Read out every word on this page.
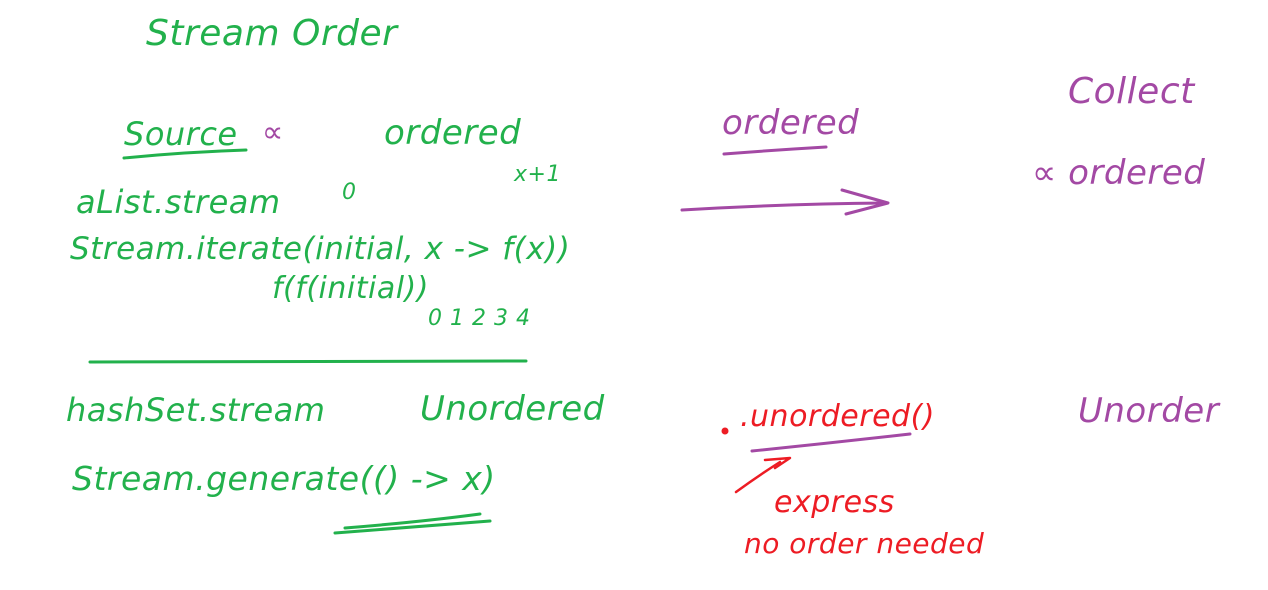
Stream Order
Source ∝	ordered	ordered
Collect
∝ ordered
aList.stream	0
x+1
Stream.iterate(initial, x -> f(x))
f(f(initial))
0 1 2 3 4
hashSet.stream	Unordered
Stream.generate(() -> x)
.unordered()
express
no order needed
Unorder
